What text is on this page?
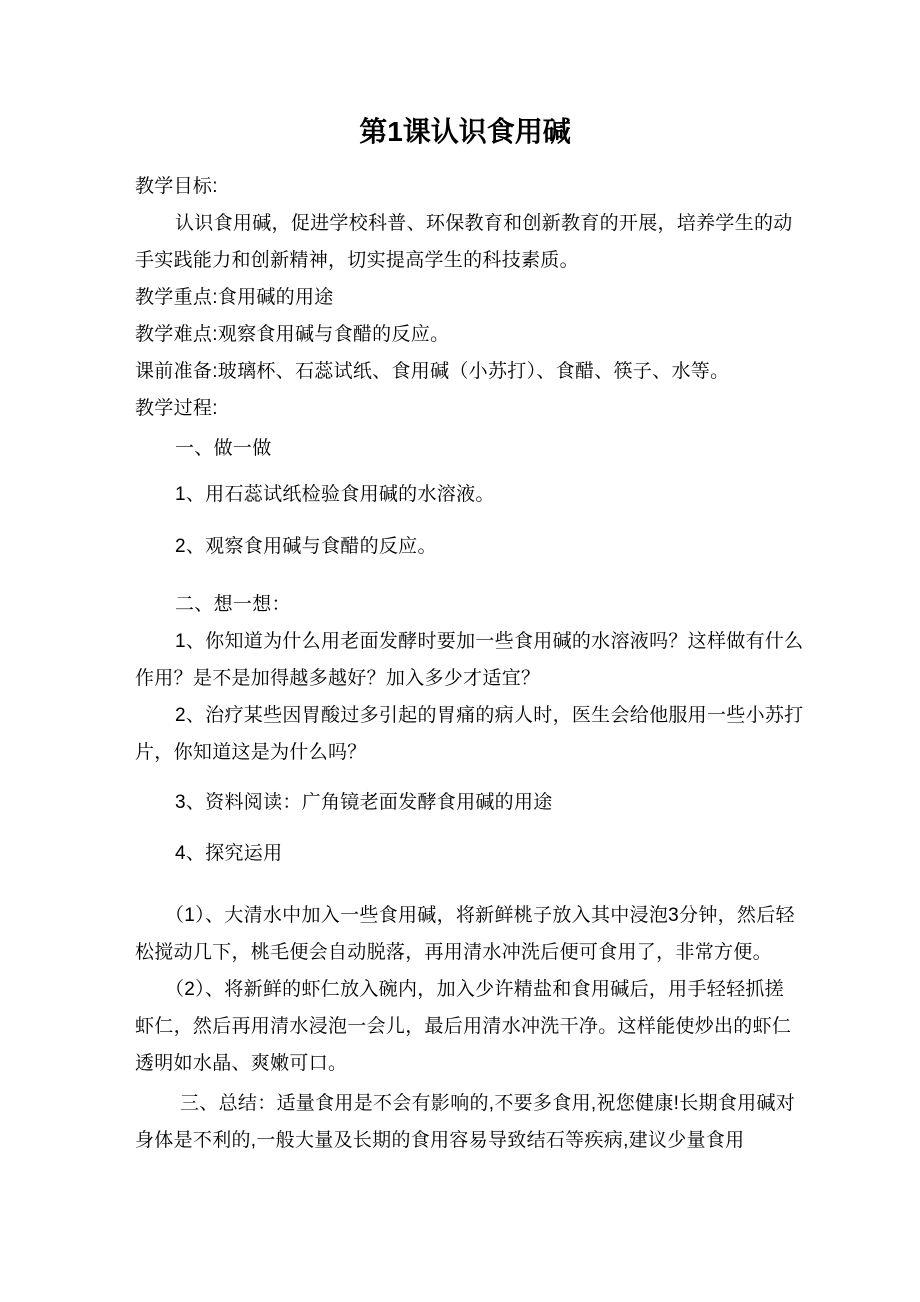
第1课认识食用碱
教学目标:
认识食用碱，促进学校科普、环保教育和创新教育的开展，培养学生的动
手实践能力和创新精神，切实提高学生的科技素质。
教学重点:食用碱的用途
教学难点:观察食用碱与食醋的反应。
课前准备:玻璃杯、石蕊试纸、食用碱（小苏打）、食醋、筷子、水等。
教学过程:
一、做一做
1、用石蕊试纸检验食用碱的水溶液。
2、观察食用碱与食醋的反应。
二、想一想：
1、你知道为什么用老面发酵时要加一些食用碱的水溶液吗？这样做有什么
作用？是不是加得越多越好？加入多少才适宜？
2、治疗某些因胃酸过多引起的胃痛的病人时，医生会给他服用一些小苏打
片，你知道这是为什么吗？
3、资料阅读：广角镜老面发酵食用碱的用途
4、探究运用
（1）、大清水中加入一些食用碱，将新鲜桃子放入其中浸泡3分钟，然后轻
松搅动几下，桃毛便会自动脱落，再用清水冲洗后便可食用了，非常方便。
（2）、将新鲜的虾仁放入碗内，加入少许精盐和食用碱后，用手轻轻抓搓
虾仁，然后再用清水浸泡一会儿，最后用清水冲洗干净。这样能使炒出的虾仁
透明如水晶、爽嫩可口。
三、总结：适量食用是不会有影响的,不要多食用,祝您健康!长期食用碱对
身体是不利的,一般大量及长期的食用容易导致结石等疾病,建议少量食用
